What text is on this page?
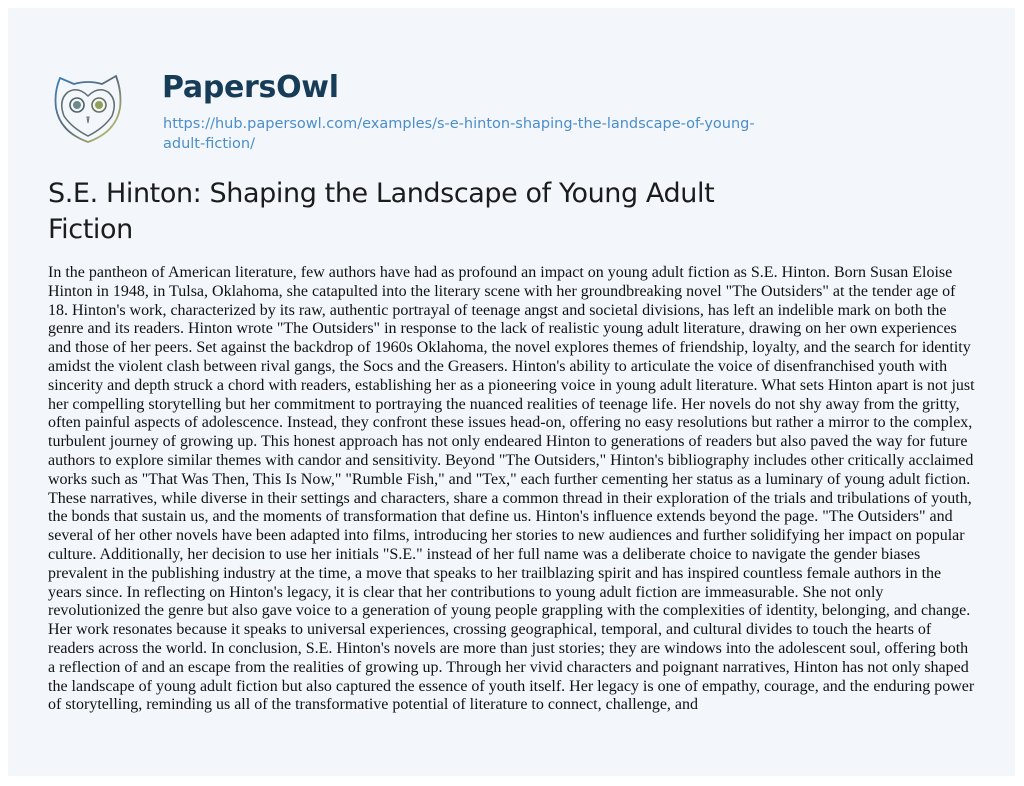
PapersOwl
https://hub.papersowl.com/examples/s-e-hinton-shaping-the-landscape-of-young-adult-fiction/
S.E. Hinton: Shaping the Landscape of Young Adult Fiction

In the pantheon of American literature, few authors have had as profound an impact on young adult fiction as S.E. Hinton. Born Susan Eloise Hinton in 1948, in Tulsa, Oklahoma, she catapulted into the literary scene with her groundbreaking novel "The Outsiders" at the tender age of 18. Hinton's work, characterized by its raw, authentic portrayal of teenage angst and societal divisions, has left an indelible mark on both the genre and its readers. Hinton wrote "The Outsiders" in response to the lack of realistic young adult literature, drawing on her own experiences and those of her peers. Set against the backdrop of 1960s Oklahoma, the novel explores themes of friendship, loyalty, and the search for identity amidst the violent clash between rival gangs, the Socs and the Greasers. Hinton's ability to articulate the voice of disenfranchised youth with sincerity and depth struck a chord with readers, establishing her as a pioneering voice in young adult literature. What sets Hinton apart is not just her compelling storytelling but her commitment to portraying the nuanced realities of teenage life. Her novels do not shy away from the gritty, often painful aspects of adolescence. Instead, they confront these issues head-on, offering no easy resolutions but rather a mirror to the complex, turbulent journey of growing up. This honest approach has not only endeared Hinton to generations of readers but also paved the way for future authors to explore similar themes with candor and sensitivity. Beyond "The Outsiders," Hinton's bibliography includes other critically acclaimed works such as "That Was Then, This Is Now," "Rumble Fish," and "Tex," each further cementing her status as a luminary of young adult fiction. These narratives, while diverse in their settings and characters, share a common thread in their exploration of the trials and tribulations of youth, the bonds that sustain us, and the moments of transformation that define us. Hinton's influence extends beyond the page. "The Outsiders" and several of her other novels have been adapted into films, introducing her stories to new audiences and further solidifying her impact on popular culture. Additionally, her decision to use her initials "S.E." instead of her full name was a deliberate choice to navigate the gender biases prevalent in the publishing industry at the time, a move that speaks to her trailblazing spirit and has inspired countless female authors in the years since. In reflecting on Hinton's legacy, it is clear that her contributions to young adult fiction are immeasurable. She not only revolutionized the genre but also gave voice to a generation of young people grappling with the complexities of identity, belonging, and change. Her work resonates because it speaks to universal experiences, crossing geographical, temporal, and cultural divides to touch the hearts of readers across the world. In conclusion, S.E. Hinton's novels are more than just stories; they are windows into the adolescent soul, offering both a reflection of and an escape from the realities of growing up. Through her vivid characters and poignant narratives, Hinton has not only shaped the landscape of young adult fiction but also captured the essence of youth itself. Her legacy is one of empathy, courage, and the enduring power of storytelling, reminding us all of the transformative potential of literature to connect, challenge, and
